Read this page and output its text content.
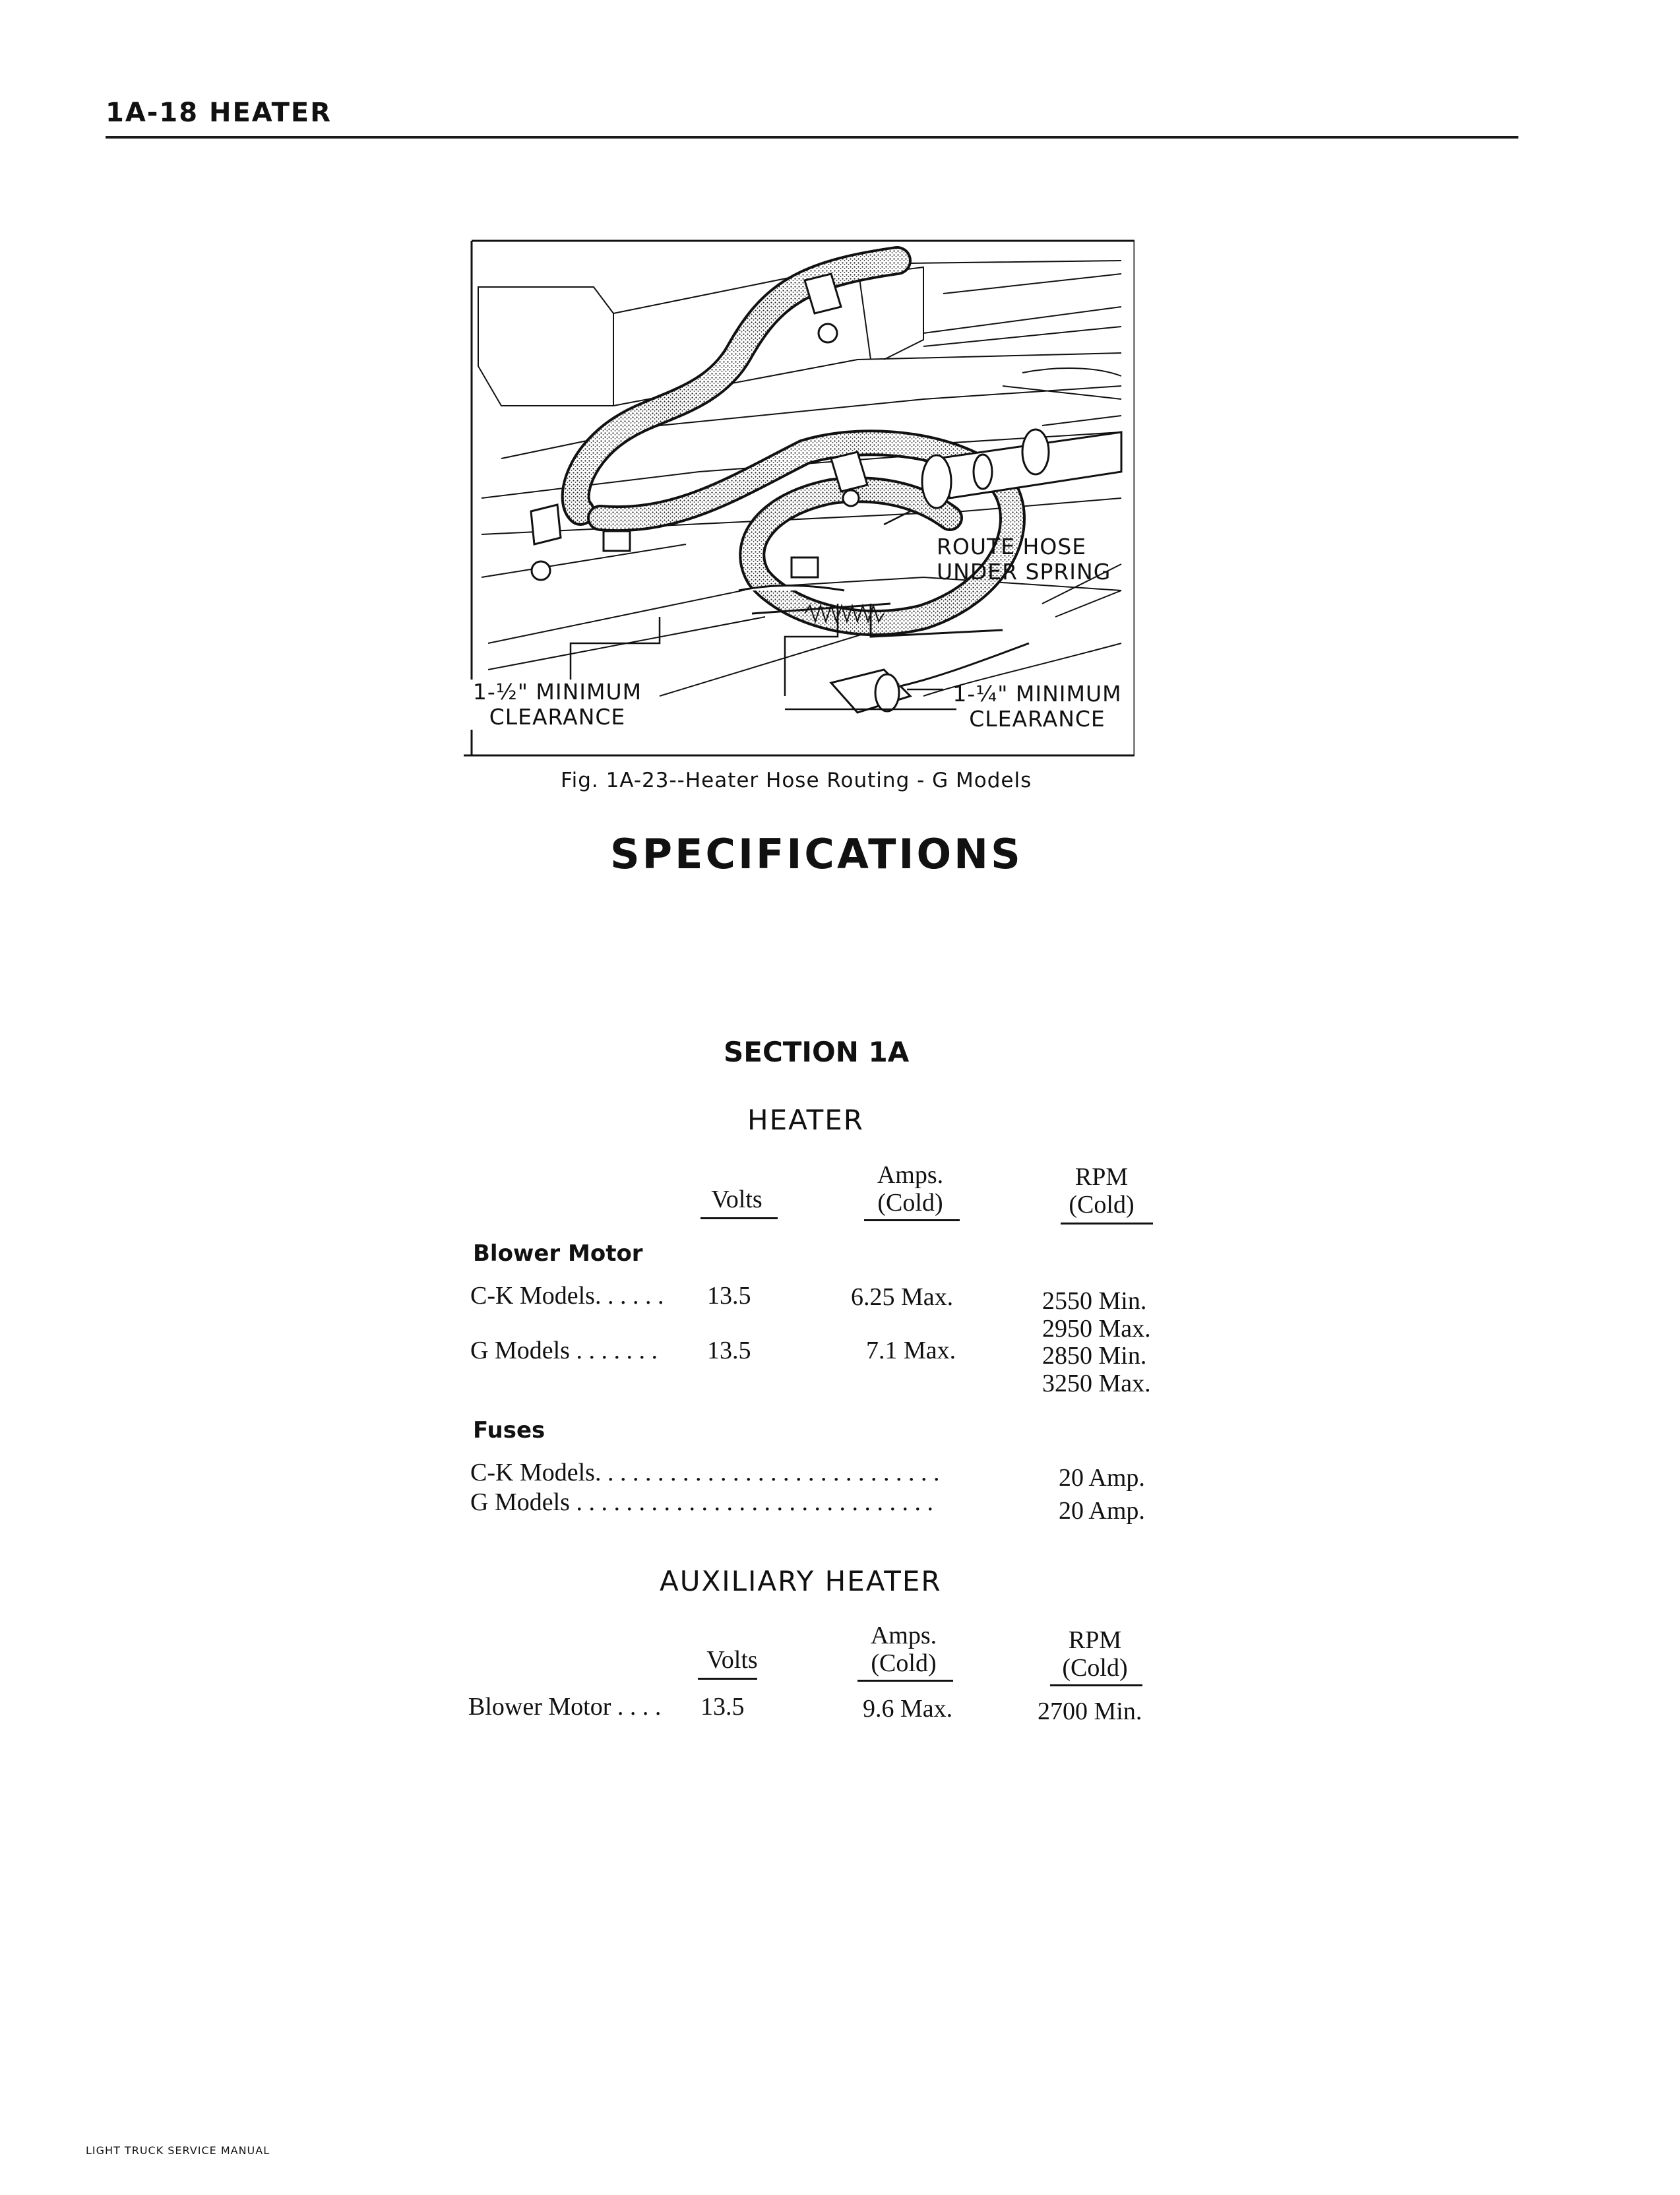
1A-18 HEATER
ROUTE HOSE
UNDER SPRING
1-½" MINIMUM
CLEARANCE
1-¼" MINIMUM
CLEARANCE
Fig. 1A-23--Heater Hose Routing - G Models
SPECIFICATIONS
SECTION 1A
HEATER
Volts
Amps.
(Cold)
RPM
(Cold)
Blower Motor
C-K Models. . . . . . 13.5	6.25 Max.	2550 Min.
2950 Max.
G Models . . . . . . . 13.5	7.1 Max.	2850 Min.
3250 Max.
Fuses
C-K Models. . . . . . . . . . . . . . . . . . . . . . . . . . . .	20 Amp.
G Models . . . . . . . . . . . . . . . . . . . . . . . . . . . . .	20 Amp.
AUXILIARY HEATER
Volts
Amps.
(Cold)
RPM
(Cold)
Blower Motor . . . . 13.5	9.6 Max.	2700 Min.
LIGHT TRUCK SERVICE MANUAL
